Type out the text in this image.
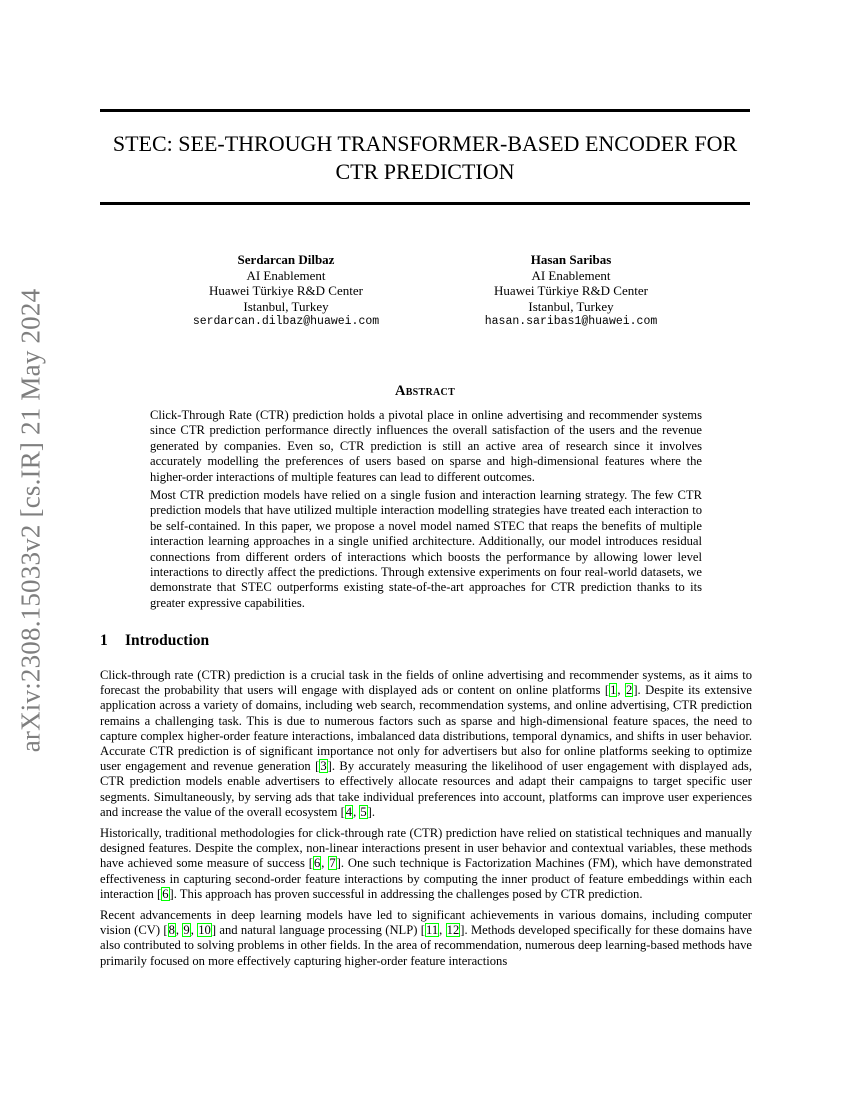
arXiv:2308.15033v2 [cs.IR] 21 May 2024
STEC: SEE-THROUGH TRANSFORMER-BASED ENCODER FOR
CTR PREDICTION
Serdarcan Dilbaz
AI Enablement
Huawei Türkiye R&D Center
Istanbul, Turkey
serdarcan.dilbaz@huawei.com
Hasan Saribas
AI Enablement
Huawei Türkiye R&D Center
Istanbul, Turkey
hasan.saribas1@huawei.com
Abstract

Click-Through Rate (CTR) prediction holds a pivotal place in online advertising and recommender systems since CTR prediction performance directly influences the overall satisfaction of the users and the revenue generated by companies. Even so, CTR prediction is still an active area of research since it involves accurately modelling the preferences of users based on sparse and high-dimensional features where the higher-order interactions of multiple features can lead to different outcomes.

Most CTR prediction models have relied on a single fusion and interaction learning strategy. The few CTR prediction models that have utilized multiple interaction modelling strategies have treated each interaction to be self-contained. In this paper, we propose a novel model named STEC that reaps the benefits of multiple interaction learning approaches in a single unified architecture. Additionally, our model introduces residual connections from different orders of interactions which boosts the performance by allowing lower level interactions to directly affect the predictions. Through extensive experiments on four real-world datasets, we demonstrate that STEC outperforms existing state-of-the-art approaches for CTR prediction thanks to its greater expressive capabilities.

1 Introduction

Click-through rate (CTR) prediction is a crucial task in the fields of online advertising and recommender systems, as it aims to forecast the probability that users will engage with displayed ads or content on online platforms [1, 2]. Despite its extensive application across a variety of domains, including web search, recommendation systems, and online advertising, CTR prediction remains a challenging task. This is due to numerous factors such as sparse and high-dimensional feature spaces, the need to capture complex higher-order feature interactions, imbalanced data distributions, temporal dynamics, and shifts in user behavior. Accurate CTR prediction is of significant importance not only for advertisers but also for online platforms seeking to optimize user engagement and revenue generation [3]. By accurately measuring the likelihood of user engagement with displayed ads, CTR prediction models enable advertisers to effectively allocate resources and adapt their campaigns to target specific user segments. Simultaneously, by serving ads that take individual preferences into account, platforms can improve user experiences and increase the value of the overall ecosystem [4, 5].

Historically, traditional methodologies for click-through rate (CTR) prediction have relied on statistical techniques and manually designed features. Despite the complex, non-linear interactions present in user behavior and contextual variables, these methods have achieved some measure of success [6, 7]. One such technique is Factorization Machines (FM), which have demonstrated effectiveness in capturing second-order feature interactions by computing the inner product of feature embeddings within each interaction [6]. This approach has proven successful in addressing the challenges posed by CTR prediction.

Recent advancements in deep learning models have led to significant achievements in various domains, including computer vision (CV) [8, 9, 10] and natural language processing (NLP) [11, 12]. Methods developed specifically for these domains have also contributed to solving problems in other fields. In the area of recommendation, numerous deep learning-based methods have primarily focused on more effectively capturing higher-order feature interactions
